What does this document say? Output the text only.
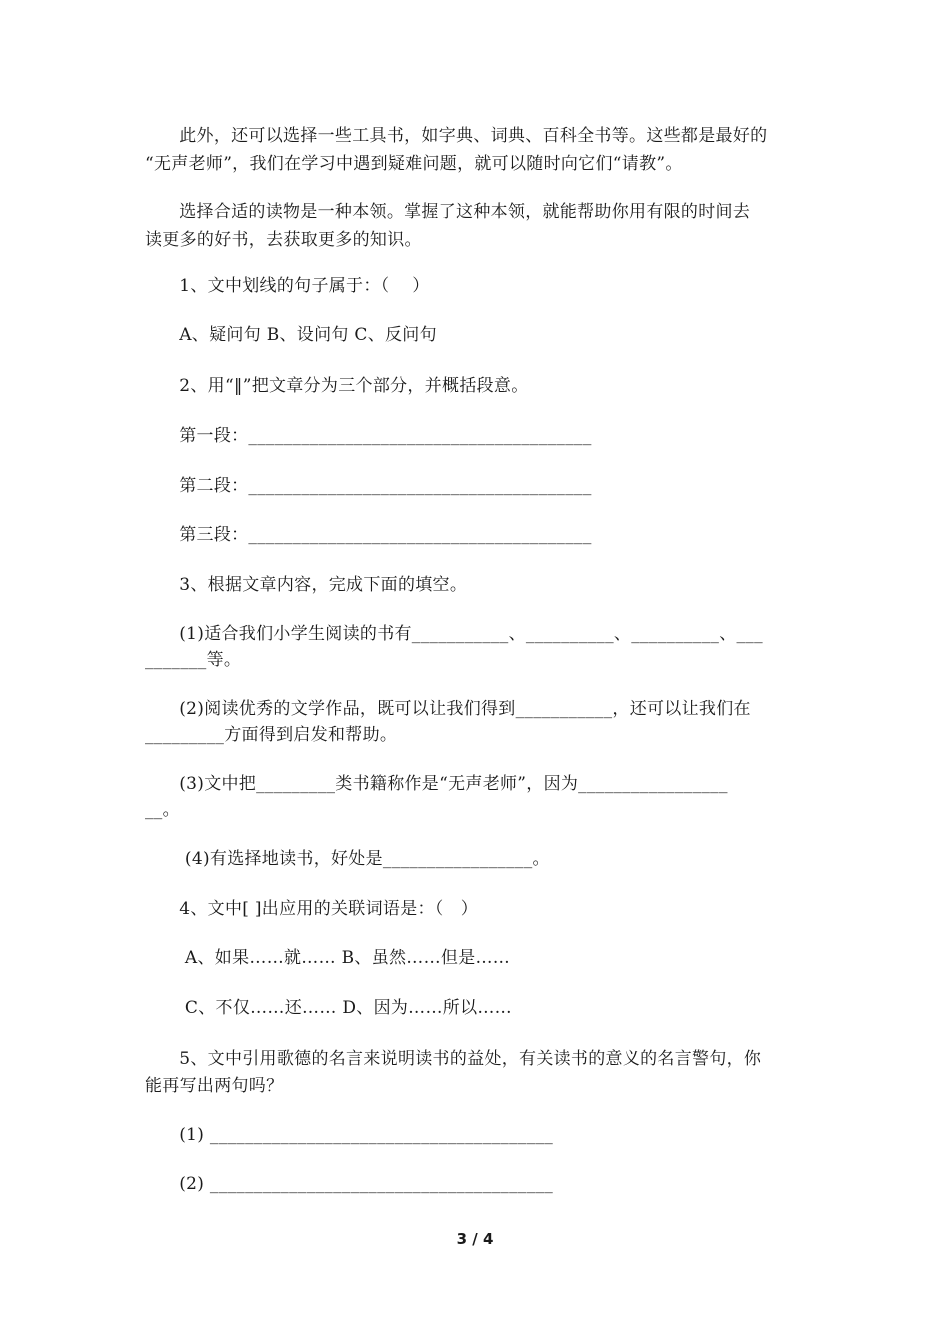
此外，还可以选择一些工具书，如字典、词典、百科全书等。这些都是最好的
“无声老师”，我们在学习中遇到疑难问题，就可以随时向它们“请教”。
选择合适的读物是一种本领。掌握了这种本领，就能帮助你用有限的时间去
读更多的好书，去获取更多的知识。
1、文中划线的句子属于：（    ）
A、疑问句 B、设问句 C、反问句
2、用“‖”把文章分为三个部分，并概括段意。
第一段：_______________________________________
第二段：_______________________________________
第三段：_______________________________________
3、根据文章内容，完成下面的填空。
(1)适合我们小学生阅读的书有___________、__________、__________、___
_______等。
(2)阅读优秀的文学作品，既可以让我们得到___________，还可以让我们在
_________方面得到启发和帮助。
(3)文中把_________类书籍称作是“无声老师”，因为_________________
__。
(4)有选择地读书，好处是_________________。
4、文中[ ]出应用的关联词语是：（   ）
A、如果……就…… B、虽然……但是……
C、不仅……还…… D、因为……所以……
5、文中引用歌德的名言来说明读书的益处，有关读书的意义的名言警句，你
能再写出两句吗？
(1) _______________________________________
(2) _______________________________________
3 / 4
